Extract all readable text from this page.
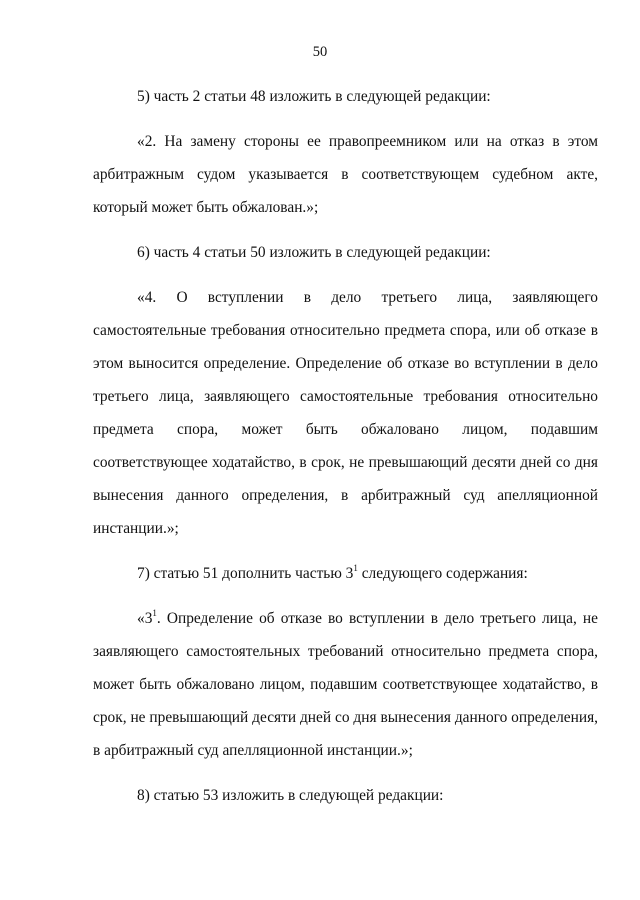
50

5) часть 2 статьи 48 изложить в следующей редакции:

«2. На замену стороны ее правопреемником или на отказ в этом арбитражным судом указывается в соответствующем судебном акте, который может быть обжалован.»;

6) часть 4 статьи 50 изложить в следующей редакции:

«4. О вступлении в дело третьего лица, заявляющего самостоятельные требования относительно предмета спора, или об отказе в этом выносится определение. Определение об отказе во вступлении в дело третьего лица, заявляющего самостоятельные требования относительно предмета спора, может быть обжаловано лицом, подавшим соответствующее ходатайство, в срок, не превышающий десяти дней со дня вынесения данного определения, в арбитражный суд апелляционной инстанции.»;

7) статью 51 дополнить частью $3^1$ следующего содержания:

«$3^1$. Определение об отказе во вступлении в дело третьего лица, не заявляющего самостоятельных требований относительно предмета спора, может быть обжаловано лицом, подавшим соответствующее ходатайство, в срок, не превышающий десяти дней со дня вынесения данного определения, в арбитражный суд апелляционной инстанции.»;

8) статью 53 изложить в следующей редакции:
